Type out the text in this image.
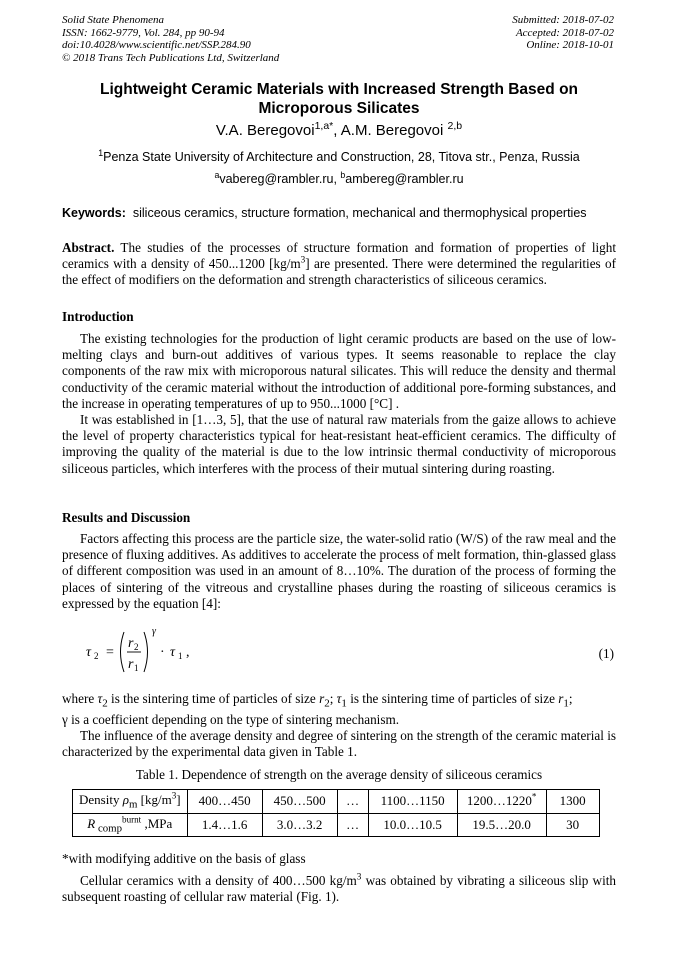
Solid State Phenomena
ISSN: 1662-9779, Vol. 284, pp 90-94
doi:10.4028/www.scientific.net/SSP.284.90
© 2018 Trans Tech Publications Ltd, Switzerland
Submitted: 2018-07-02
Accepted: 2018-07-02
Online: 2018-10-01
Lightweight Ceramic Materials with Increased Strength Based on
Microporous Silicates
V.A. Beregovoi$^{1,a*}$, A.M. Beregovoi $^{2,b}$
$^1$Penza State University of Architecture and Construction, 28, Titova str., Penza, Russia
$^a$vabereg@rambler.ru, $^b$ambereg@rambler.ru
Keywords: siliceous ceramics, structure formation, mechanical and thermophysical properties
Abstract. The studies of the processes of structure formation and formation of properties of light ceramics with a density of 450...1200 $[kg/m^3]$ are presented. There were determined the regularities of the effect of modifiers on the deformation and strength characteristics of siliceous ceramics.
Introduction

The existing technologies for the production of light ceramic products are based on the use of low-melting clays and burn-out additives of various types. It seems reasonable to replace the clay components of the raw mix with microporous natural silicates. This will reduce the density and thermal conductivity of the ceramic material without the introduction of additional pore-forming substances, and the increase in operating temperatures of up to 950...1000 [°C] .

It was established in [1…3, 5], that the use of natural raw materials from the gaize allows to achieve the level of property characteristics typical for heat-resistant heat-efficient ceramics. The difficulty of improving the quality of the material is due to the low intrinsic thermal conductivity of microporous siliceous particles, which interferes with the process of their mutual sintering during roasting.

Results and Discussion

Factors affecting this process are the particle size, the water-solid ratio (W/S) of the raw meal and the presence of fluxing additives. As additives to accelerate the process of melt formation, thin-glassed glass of different composition was used in an amount of 8…10%. The duration of the process of forming the places of sintering of the vitreous and crystalline phases during the roasting of siliceous ceramics is expressed by the equation [4]:

τ 2 =
r 2
r 1
γ
· τ 1 ,	(1)
where $\tau_2$ is the sintering time of particles of size $r_2$; $\tau_1$ is the sintering time of particles of size $r_1$;
γ is a coefficient depending on the type of sintering mechanism.

The influence of the average density and degree of sintering on the strength of the ceramic material is characterized by the experimental data given in Table 1.

Table 1. Dependence of strength on the average density of siliceous ceramics
Density $\rho_m$ $[kg/m^3]$	400…450	450…500	…	1100…1150	1200…1220*	1300
R $_{comp}^{burnt}$ ,MPa	1.4…1.6	3.0…3.2	…	10.0…10.5	19.5…20.0	30
*with modifying additive on the basis of glass

Cellular ceramics with a density of 400…500 $kg/m^3$ was obtained by vibrating a siliceous slip with subsequent roasting of cellular raw material (Fig. 1).
